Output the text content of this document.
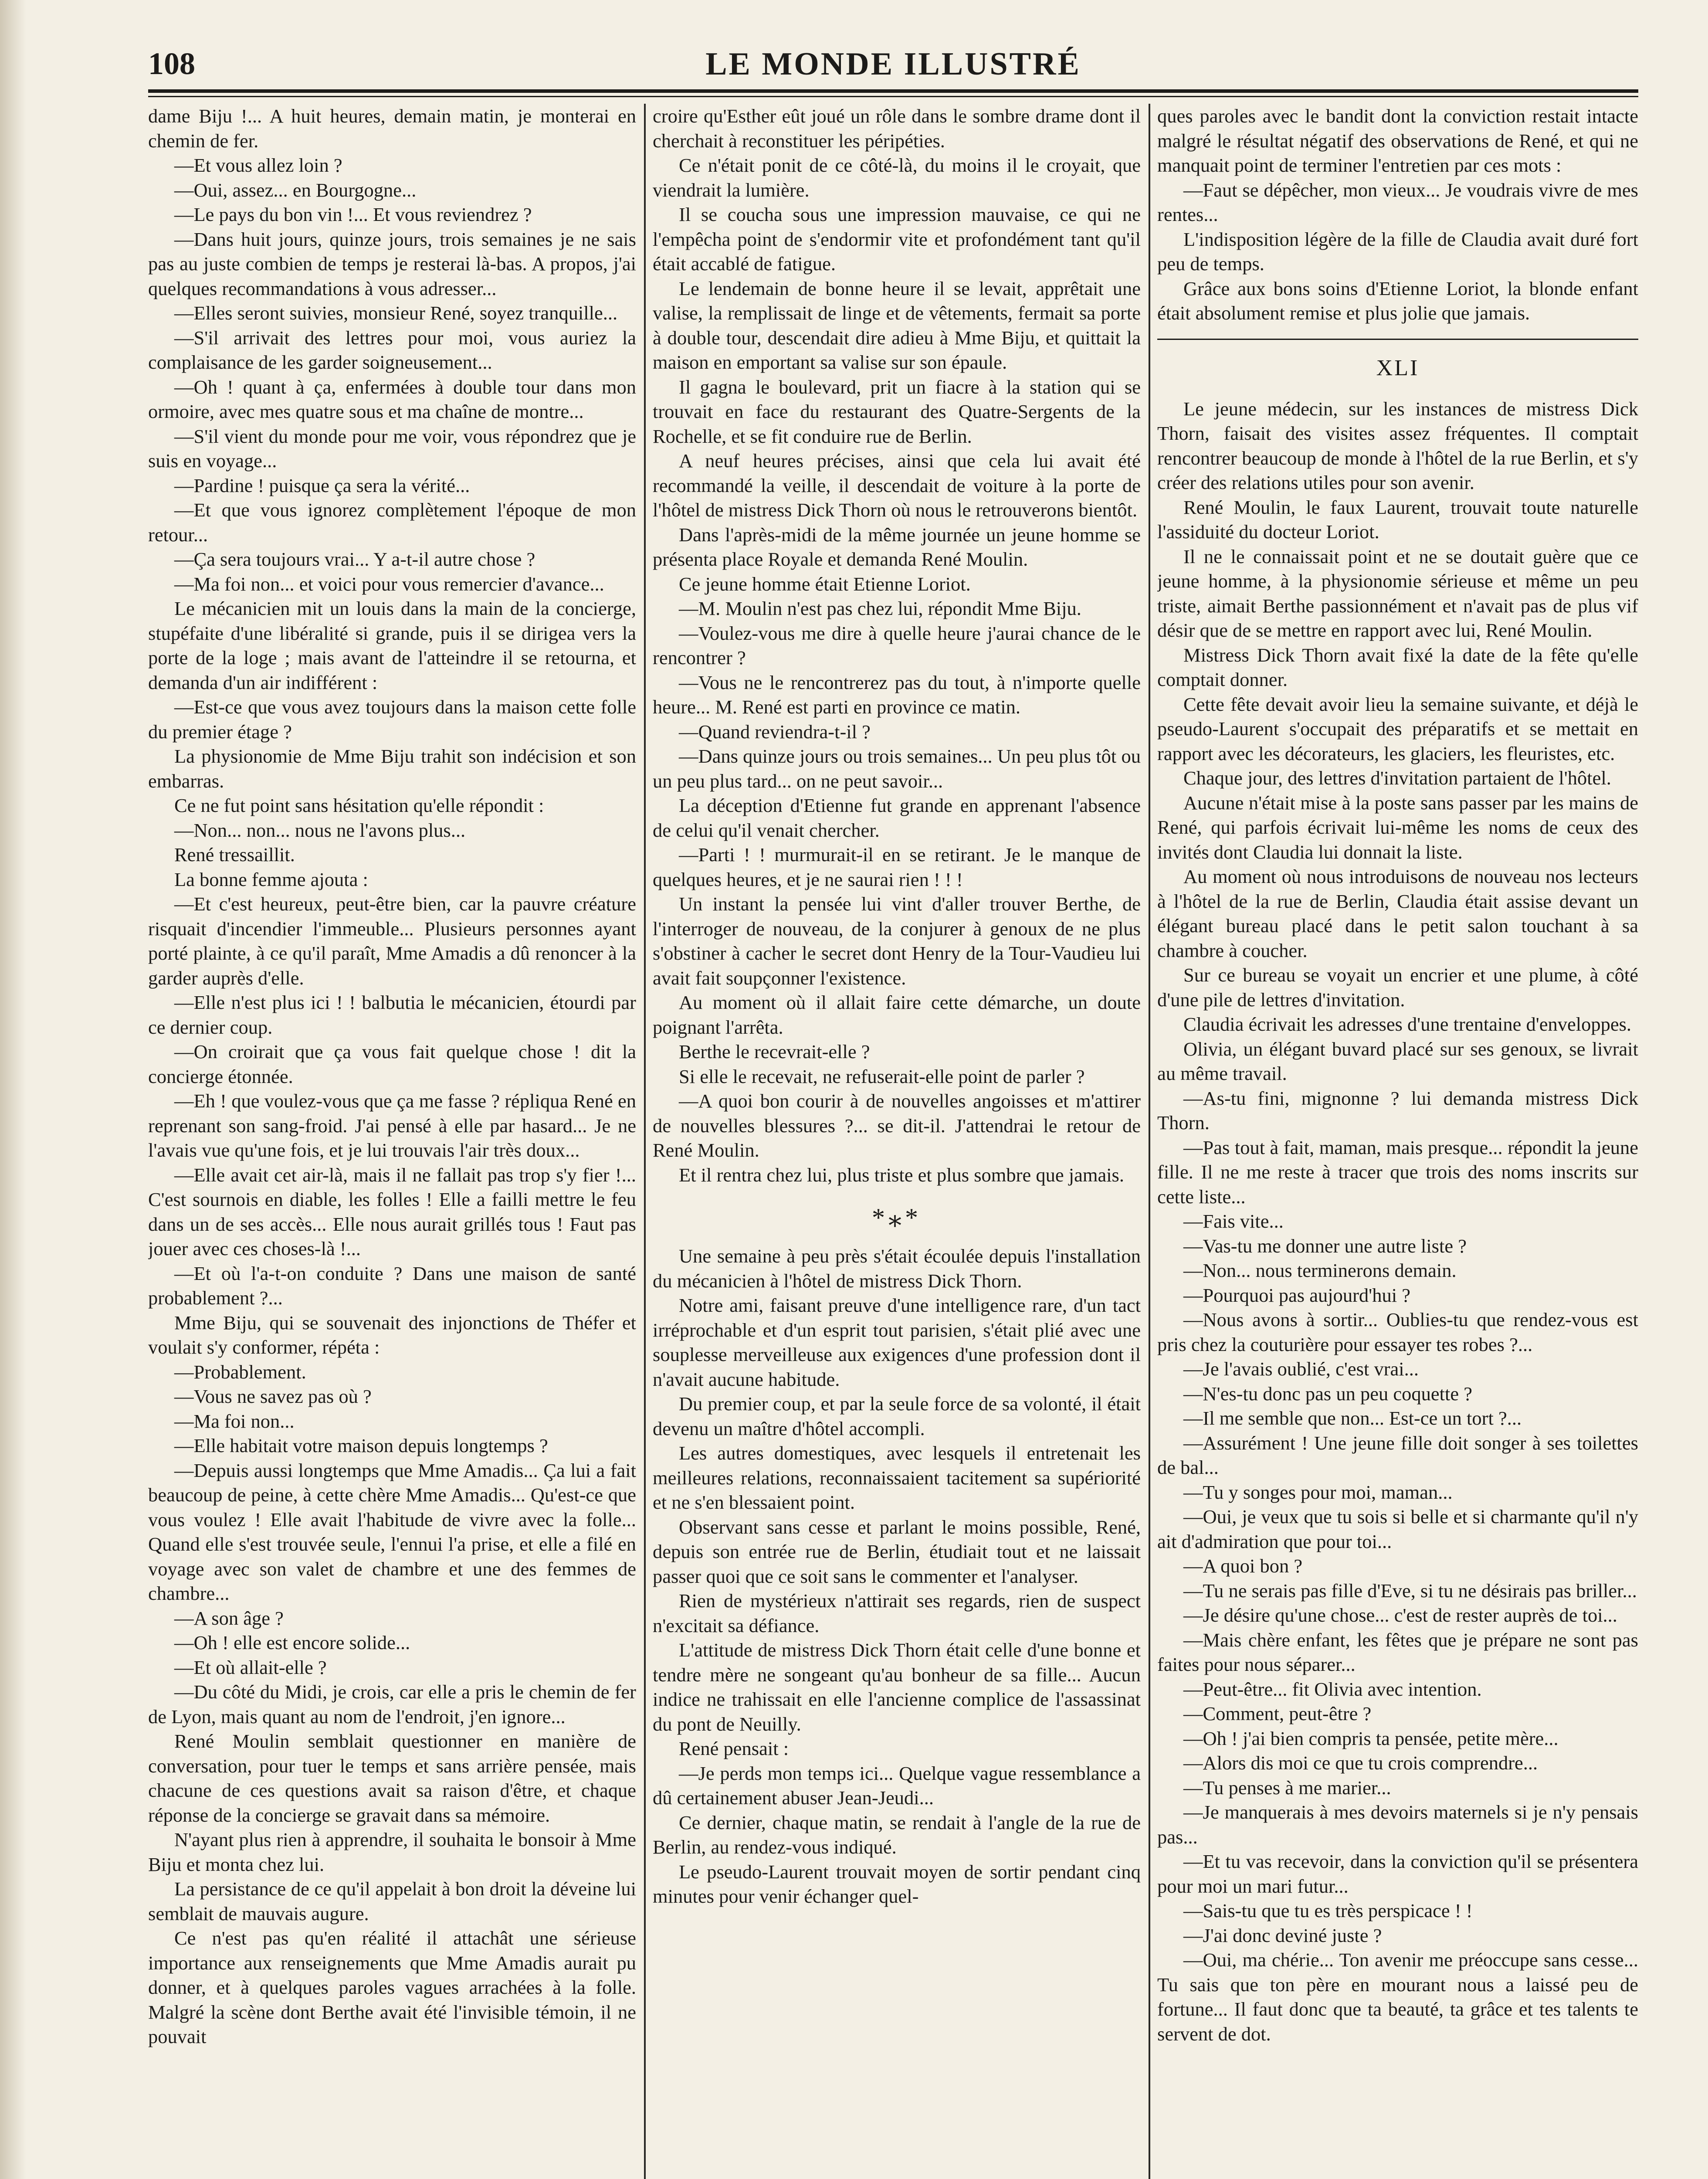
108	LE MONDE ILLUSTRÉ

dame Biju !... A huit heures, demain matin, je monterai en chemin de fer.

—Et vous allez loin ?

—Oui, assez... en Bourgogne...

—Le pays du bon vin !... Et vous reviendrez ?

—Dans huit jours, quinze jours, trois semaines je ne sais pas au juste combien de temps je resterai là-bas. A propos, j'ai quelques recommandations à vous adresser...

—Elles seront suivies, monsieur René, soyez tranquille...

—S'il arrivait des lettres pour moi, vous auriez la complaisance de les garder soigneusement...

—Oh ! quant à ça, enfermées à double tour dans mon ormoire, avec mes quatre sous et ma chaîne de montre...

—S'il vient du monde pour me voir, vous répondrez que je suis en voyage...

—Pardine ! puisque ça sera la vérité...

—Et que vous ignorez complètement l'époque de mon retour...

—Ça sera toujours vrai... Y a-t-il autre chose ?

—Ma foi non... et voici pour vous remercier d'avance...

Le mécanicien mit un louis dans la main de la concierge, stupéfaite d'une libéralité si grande, puis il se dirigea vers la porte de la loge ; mais avant de l'atteindre il se retourna, et demanda d'un air indifférent :

—Est-ce que vous avez toujours dans la maison cette folle du premier étage ?

La physionomie de Mme Biju trahit son indécision et son embarras.

Ce ne fut point sans hésitation qu'elle répondit :

—Non... non... nous ne l'avons plus...

René tressaillit.

La bonne femme ajouta :

—Et c'est heureux, peut-être bien, car la pauvre créature risquait d'incendier l'immeuble... Plusieurs personnes ayant porté plainte, à ce qu'il paraît, Mme Amadis a dû renoncer à la garder auprès d'elle.

—Elle n'est plus ici ! ! balbutia le mécanicien, étourdi par ce dernier coup.

—On croirait que ça vous fait quelque chose ! dit la concierge étonnée.

—Eh ! que voulez-vous que ça me fasse ? répliqua René en reprenant son sang-froid. J'ai pensé à elle par hasard... Je ne l'avais vue qu'une fois, et je lui trouvais l'air très doux...

—Elle avait cet air-là, mais il ne fallait pas trop s'y fier !... C'est sournois en diable, les folles ! Elle a failli mettre le feu dans un de ses accès... Elle nous aurait grillés tous ! Faut pas jouer avec ces choses-là !...

—Et où l'a-t-on conduite ? Dans une maison de santé probablement ?...

Mme Biju, qui se souvenait des injonctions de Théfer et voulait s'y conformer, répéta :

—Probablement.

—Vous ne savez pas où ?

—Ma foi non...

—Elle habitait votre maison depuis longtemps ?

—Depuis aussi longtemps que Mme Amadis... Ça lui a fait beaucoup de peine, à cette chère Mme Amadis... Qu'est-ce que vous voulez ! Elle avait l'habitude de vivre avec la folle... Quand elle s'est trouvée seule, l'ennui l'a prise, et elle a filé en voyage avec son valet de chambre et une des femmes de chambre...

—A son âge ?

—Oh ! elle est encore solide...

—Et où allait-elle ?

—Du côté du Midi, je crois, car elle a pris le chemin de fer de Lyon, mais quant au nom de l'endroit, j'en ignore...

René Moulin semblait questionner en manière de conversation, pour tuer le temps et sans arrière pensée, mais chacune de ces questions avait sa raison d'être, et chaque réponse de la concierge se gravait dans sa mémoire.

N'ayant plus rien à apprendre, il souhaita le bonsoir à Mme Biju et monta chez lui.

La persistance de ce qu'il appelait à bon droit la déveine lui semblait de mauvais augure.

Ce n'est pas qu'en réalité il attachât une sérieuse importance aux renseignements que Mme Amadis aurait pu donner, et à quelques paroles vagues arrachées à la folle. Malgré la scène dont Berthe avait été l'invisible témoin, il ne pouvait

croire qu'Esther eût joué un rôle dans le sombre drame dont il cherchait à reconstituer les péripéties.

Ce n'était ponit de ce côté-là, du moins il le croyait, que viendrait la lumière.

Il se coucha sous une impression mauvaise, ce qui ne l'empêcha point de s'endormir vite et profondément tant qu'il était accablé de fatigue.

Le lendemain de bonne heure il se levait, apprêtait une valise, la remplissait de linge et de vêtements, fermait sa porte à double tour, descendait dire adieu à Mme Biju, et quittait la maison en emportant sa valise sur son épaule.

Il gagna le boulevard, prit un fiacre à la station qui se trouvait en face du restaurant des Quatre-Sergents de la Rochelle, et se fit conduire rue de Berlin.

A neuf heures précises, ainsi que cela lui avait été recommandé la veille, il descendait de voiture à la porte de l'hôtel de mistress Dick Thorn où nous le retrouverons bientôt.

Dans l'après-midi de la même journée un jeune homme se présenta place Royale et demanda René Moulin.

Ce jeune homme était Etienne Loriot.

—M. Moulin n'est pas chez lui, répondit Mme Biju.

—Voulez-vous me dire à quelle heure j'aurai chance de le rencontrer ?

—Vous ne le rencontrerez pas du tout, à n'importe quelle heure... M. René est parti en province ce matin.

—Quand reviendra-t-il ?

—Dans quinze jours ou trois semaines... Un peu plus tôt ou un peu plus tard... on ne peut savoir...

La déception d'Etienne fut grande en apprenant l'absence de celui qu'il venait chercher.

—Parti ! ! murmurait-il en se retirant. Je le manque de quelques heures, et je ne saurai rien ! ! !

Un instant la pensée lui vint d'aller trouver Berthe, de l'interroger de nouveau, de la conjurer à genoux de ne plus s'obstiner à cacher le secret dont Henry de la Tour-Vaudieu lui avait fait soupçonner l'existence.

Au moment où il allait faire cette démarche, un doute poignant l'arrêta.

Berthe le recevrait-elle ?

Si elle le recevait, ne refuserait-elle point de parler ?

—A quoi bon courir à de nouvelles angoisses et m'attirer de nouvelles blessures ?... se dit-il. J'attendrai le retour de René Moulin.

Et il rentra chez lui, plus triste et plus sombre que jamais.

*⁎*

Une semaine à peu près s'était écoulée depuis l'installation du mécanicien à l'hôtel de mistress Dick Thorn.

Notre ami, faisant preuve d'une intelligence rare, d'un tact irréprochable et d'un esprit tout parisien, s'était plié avec une souplesse merveilleuse aux exigences d'une profession dont il n'avait aucune habitude.

Du premier coup, et par la seule force de sa volonté, il était devenu un maître d'hôtel accompli.

Les autres domestiques, avec lesquels il entretenait les meilleures relations, reconnaissaient tacitement sa supériorité et ne s'en blessaient point.

Observant sans cesse et parlant le moins possible, René, depuis son entrée rue de Berlin, étudiait tout et ne laissait passer quoi que ce soit sans le commenter et l'analyser.

Rien de mystérieux n'attirait ses regards, rien de suspect n'excitait sa défiance.

L'attitude de mistress Dick Thorn était celle d'une bonne et tendre mère ne songeant qu'au bonheur de sa fille... Aucun indice ne trahissait en elle l'ancienne complice de l'assassinat du pont de Neuilly.

René pensait :

—Je perds mon temps ici... Quelque vague ressemblance a dû certainement abuser Jean-Jeudi...

Ce dernier, chaque matin, se rendait à l'angle de la rue de Berlin, au rendez-vous indiqué.

Le pseudo-Laurent trouvait moyen de sortir pendant cinq minutes pour venir échanger quel-

ques paroles avec le bandit dont la conviction restait intacte malgré le résultat négatif des observations de René, et qui ne manquait point de terminer l'entretien par ces mots :

—Faut se dépêcher, mon vieux... Je voudrais vivre de mes rentes...

L'indisposition légère de la fille de Claudia avait duré fort peu de temps.

Grâce aux bons soins d'Etienne Loriot, la blonde enfant était absolument remise et plus jolie que jamais.

XLI

Le jeune médecin, sur les instances de mistress Dick Thorn, faisait des visites assez fréquentes. Il comptait rencontrer beaucoup de monde à l'hôtel de la rue Berlin, et s'y créer des relations utiles pour son avenir.

René Moulin, le faux Laurent, trouvait toute naturelle l'assiduité du docteur Loriot.

Il ne le connaissait point et ne se doutait guère que ce jeune homme, à la physionomie sérieuse et même un peu triste, aimait Berthe passionnément et n'avait pas de plus vif désir que de se mettre en rapport avec lui, René Moulin.

Mistress Dick Thorn avait fixé la date de la fête qu'elle comptait donner.

Cette fête devait avoir lieu la semaine suivante, et déjà le pseudo-Laurent s'occupait des préparatifs et se mettait en rapport avec les décorateurs, les glaciers, les fleuristes, etc.

Chaque jour, des lettres d'invitation partaient de l'hôtel.

Aucune n'était mise à la poste sans passer par les mains de René, qui parfois écrivait lui-même les noms de ceux des invités dont Claudia lui donnait la liste.

Au moment où nous introduisons de nouveau nos lecteurs à l'hôtel de la rue de Berlin, Claudia était assise devant un élégant bureau placé dans le petit salon touchant à sa chambre à coucher.

Sur ce bureau se voyait un encrier et une plume, à côté d'une pile de lettres d'invitation.

Claudia écrivait les adresses d'une trentaine d'enveloppes.

Olivia, un élégant buvard placé sur ses genoux, se livrait au même travail.

—As-tu fini, mignonne ? lui demanda mistress Dick Thorn.

—Pas tout à fait, maman, mais presque... répondit la jeune fille. Il ne me reste à tracer que trois des noms inscrits sur cette liste...

—Fais vite...

—Vas-tu me donner une autre liste ?

—Non... nous terminerons demain.

—Pourquoi pas aujourd'hui ?

—Nous avons à sortir... Oublies-tu que rendez-vous est pris chez la couturière pour essayer tes robes ?...

—Je l'avais oublié, c'est vrai...

—N'es-tu donc pas un peu coquette ?

—Il me semble que non... Est-ce un tort ?...

—Assurément ! Une jeune fille doit songer à ses toilettes de bal...

—Tu y songes pour moi, maman...

—Oui, je veux que tu sois si belle et si charmante qu'il n'y ait d'admiration que pour toi...

—A quoi bon ?

—Tu ne serais pas fille d'Eve, si tu ne désirais pas briller...

—Je désire qu'une chose... c'est de rester auprès de toi...

—Mais chère enfant, les fêtes que je prépare ne sont pas faites pour nous séparer...

—Peut-être... fit Olivia avec intention.

—Comment, peut-être ?

—Oh ! j'ai bien compris ta pensée, petite mère...

—Alors dis moi ce que tu crois comprendre...

—Tu penses à me marier...

—Je manquerais à mes devoirs maternels si je n'y pensais pas...

—Et tu vas recevoir, dans la conviction qu'il se présentera pour moi un mari futur...

—Sais-tu que tu es très perspicace ! !

—J'ai donc deviné juste ?

—Oui, ma chérie... Ton avenir me préoccupe sans cesse... Tu sais que ton père en mourant nous a laissé peu de fortune... Il faut donc que ta beauté, ta grâce et tes talents te servent de dot.
